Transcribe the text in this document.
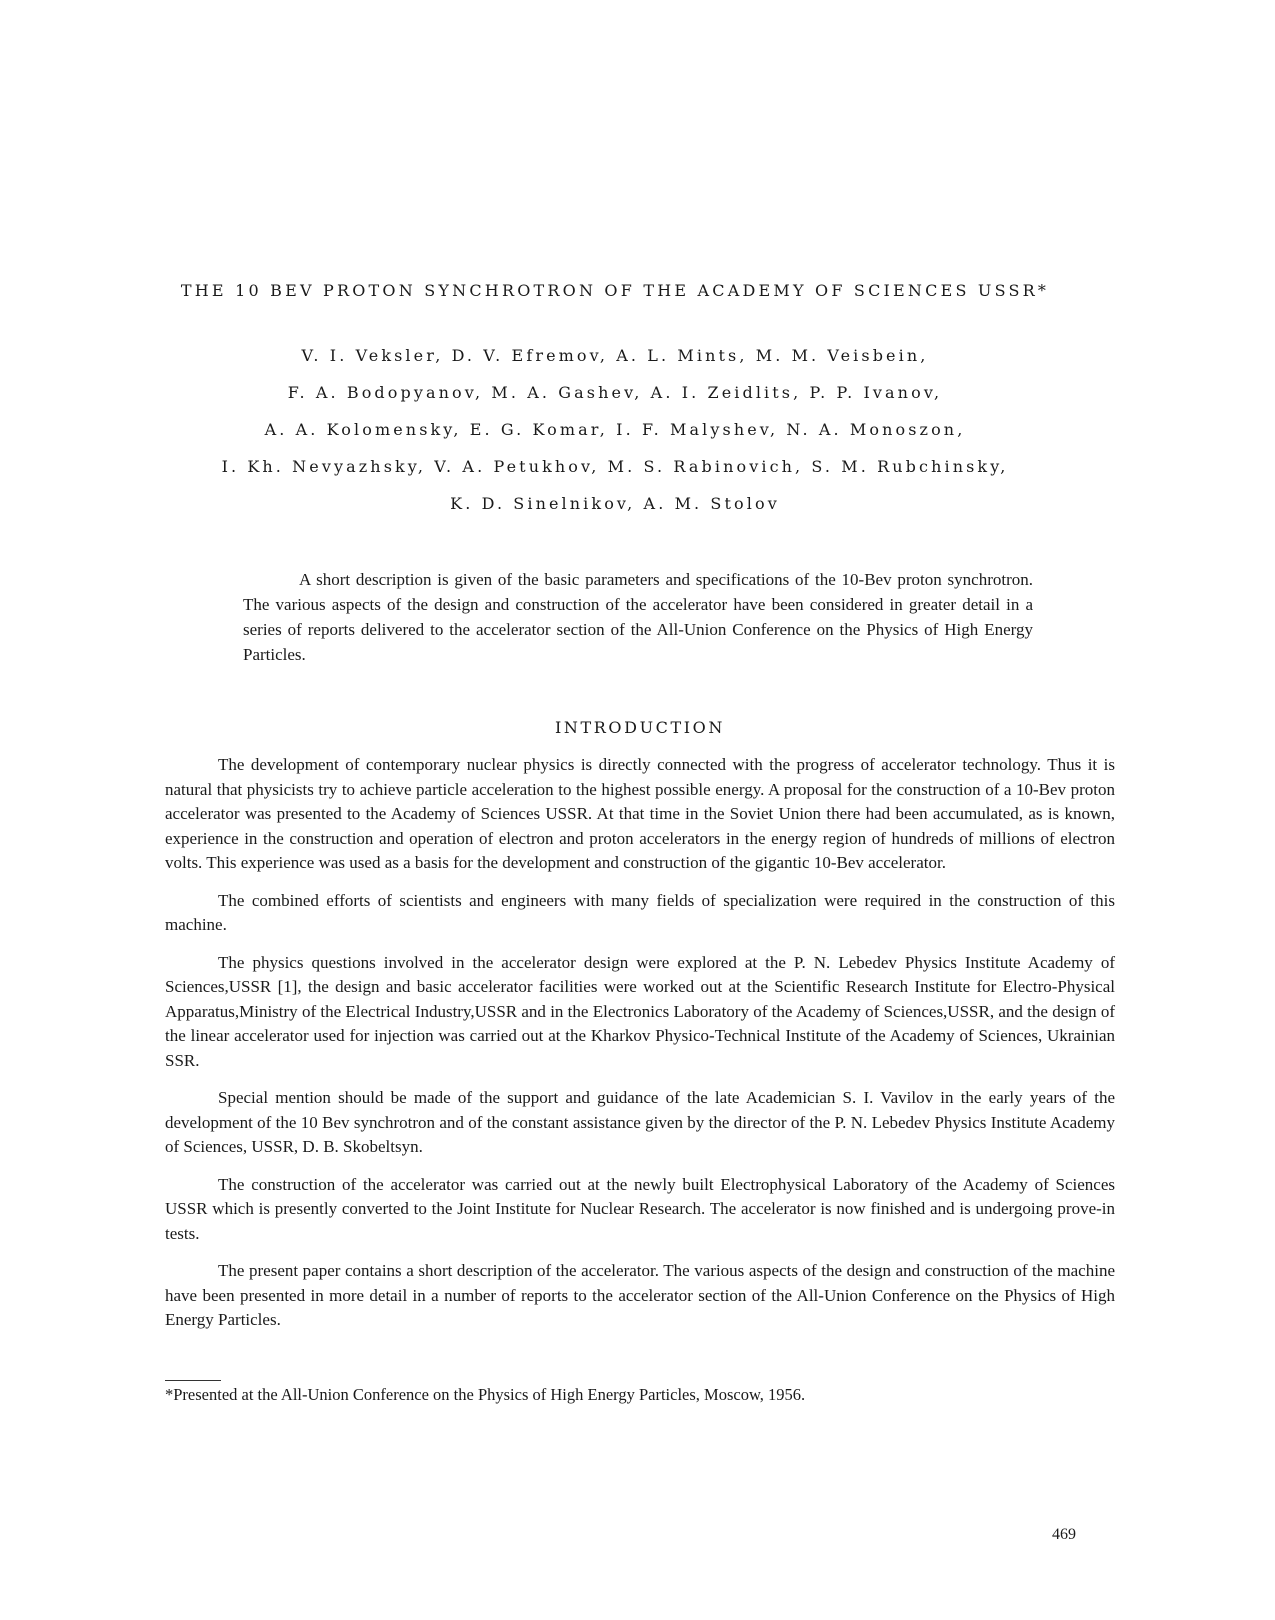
THE 10 BEV PROTON SYNCHROTRON OF THE ACADEMY OF SCIENCES USSR*
V. I. Veksler, D. V. Efremov, A. L. Mints, M. M. Veisbein,
F. A. Bodopyanov, M. A. Gashev, A. I. Zeidlits, P. P. Ivanov,
A. A. Kolomensky, E. G. Komar, I. F. Malyshev, N. A. Monoszon,
I. Kh. Nevyazhsky, V. A. Petukhov, M. S. Rabinovich, S. M. Rubchinsky,
K. D. Sinelnikov, A. M. Stolov

A short description is given of the basic parameters and specifications of the 10-Bev proton synchrotron. The various aspects of the design and construction of the accelerator have been considered in greater detail in a series of reports delivered to the accelerator section of the All-Union Conference on the Physics of High Energy Particles.

INTRODUCTION

The development of contemporary nuclear physics is directly connected with the progress of accelerator technology. Thus it is natural that physicists try to achieve particle acceleration to the highest possible energy. A proposal for the construction of a 10-Bev proton accelerator was presented to the Academy of Sciences USSR. At that time in the Soviet Union there had been accumulated, as is known, experience in the construction and operation of electron and proton accelerators in the energy region of hundreds of millions of electron volts. This experience was used as a basis for the development and construction of the gigantic 10-Bev accelerator.

The combined efforts of scientists and engineers with many fields of specialization were required in the construction of this machine.

The physics questions involved in the accelerator design were explored at the P. N. Lebedev Physics Institute Academy of Sciences,USSR [1], the design and basic accelerator facilities were worked out at the Scientific Research Institute for Electro-Physical Apparatus,Ministry of the Electrical Industry,USSR and in the Electronics Laboratory of the Academy of Sciences,USSR, and the design of the linear accelerator used for injection was carried out at the Kharkov Physico-Technical Institute of the Academy of Sciences, Ukrainian SSR.

Special mention should be made of the support and guidance of the late Academician S. I. Vavilov in the early years of the development of the 10 Bev synchrotron and of the constant assistance given by the director of the P. N. Lebedev Physics Institute Academy of Sciences, USSR, D. B. Skobeltsyn.

The construction of the accelerator was carried out at the newly built Electrophysical Laboratory of the Academy of Sciences USSR which is presently converted to the Joint Institute for Nuclear Research. The accelerator is now finished and is undergoing prove-in tests.

The present paper contains a short description of the accelerator. The various aspects of the design and construction of the machine have been presented in more detail in a number of reports to the accelerator section of the All-Union Conference on the Physics of High Energy Particles.

*Presented at the All-Union Conference on the Physics of High Energy Particles, Moscow, 1956.
469
